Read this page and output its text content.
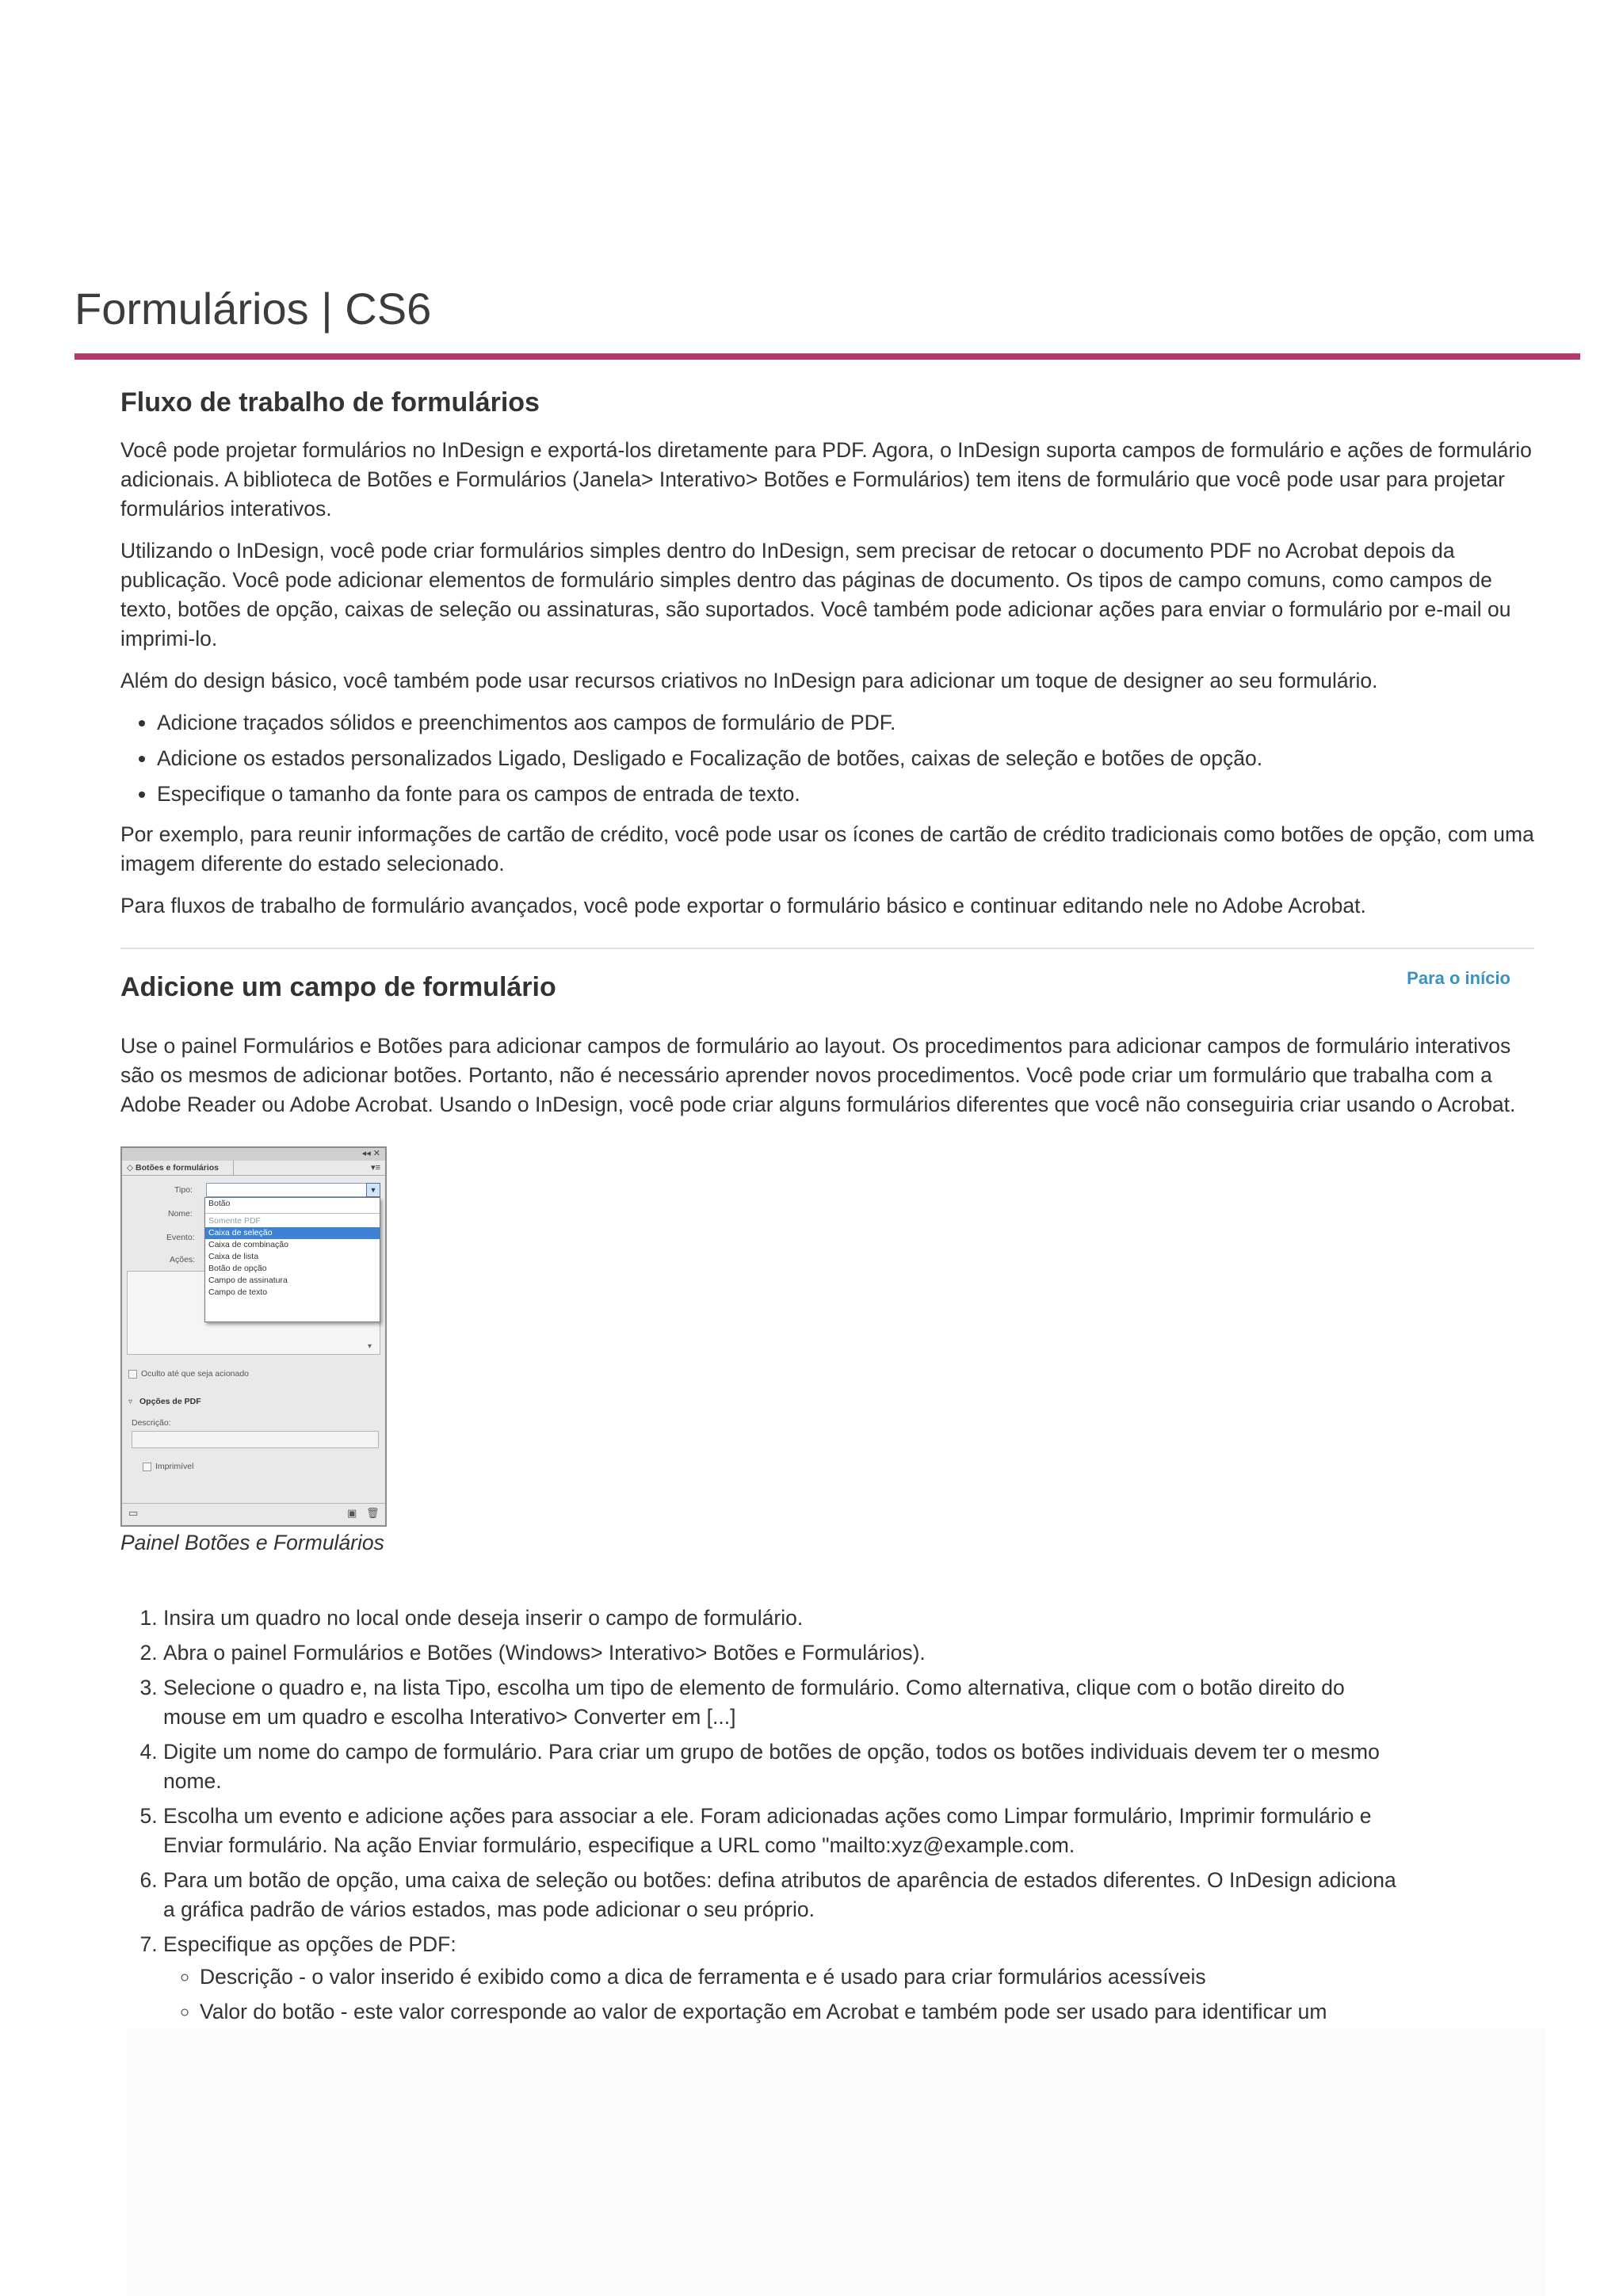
Formulários | CS6
Fluxo de trabalho de formulários

Você pode projetar formulários no InDesign e exportá-los diretamente para PDF. Agora, o InDesign suporta campos de formulário e ações de formulário adicionais. A biblioteca de Botões e Formulários (Janela> Interativo> Botões e Formulários) tem itens de formulário que você pode usar para projetar formulários interativos.

Utilizando o InDesign, você pode criar formulários simples dentro do InDesign, sem precisar de retocar o documento PDF no Acrobat depois da publicação. Você pode adicionar elementos de formulário simples dentro das páginas de documento. Os tipos de campo comuns, como campos de texto, botões de opção, caixas de seleção ou assinaturas, são suportados. Você também pode adicionar ações para enviar o formulário por e-mail ou imprimi-lo.

Além do design básico, você também pode usar recursos criativos no InDesign para adicionar um toque de designer ao seu formulário.

• Adicione traçados sólidos e preenchimentos aos campos de formulário de PDF.
• Adicione os estados personalizados Ligado, Desligado e Focalização de botões, caixas de seleção e botões de opção.
• Especifique o tamanho da fonte para os campos de entrada de texto.

Por exemplo, para reunir informações de cartão de crédito, você pode usar os ícones de cartão de crédito tradicionais como botões de opção, com uma imagem diferente do estado selecionado.

Para fluxos de trabalho de formulário avançados, você pode exportar o formulário básico e continuar editando nele no Adobe Acrobat.

Adicione um campo de formulário	Para o início

Use o painel Formulários e Botões para adicionar campos de formulário ao layout. Os procedimentos para adicionar campos de formulário interativos são os mesmos de adicionar botões. Portanto, não é necessário aprender novos procedimentos. Você pode criar um formulário que trabalha com a Adobe Reader ou Adobe Acrobat. Usando o InDesign, você pode criar alguns formulários diferentes que você não conseguiria criar usando o Acrobat.

◂◂ ✕
◇ Botões e formulários	▾≡
Tipo:	▼
Nome:
Evento:
Ações:
▾
Botão
Somente PDF
Caixa de seleção
Caixa de combinação
Caixa de lista
Botão de opção
Campo de assinatura
Campo de texto
Oculto até que seja acionado
▿ Opções de PDF
Descrição:
Imprimível
▭	▣ 🗑
Painel Botões e Formulários
1. Insira um quadro no local onde deseja inserir o campo de formulário.
2. Abra o painel Formulários e Botões (Windows> Interativo> Botões e Formulários).
3. Selecione o quadro e, na lista Tipo, escolha um tipo de elemento de formulário. Como alternativa, clique com o botão direito do mouse em um quadro e escolha Interativo> Converter em [...]
4. Digite um nome do campo de formulário. Para criar um grupo de botões de opção, todos os botões individuais devem ter o mesmo nome.
5. Escolha um evento e adicione ações para associar a ele. Foram adicionadas ações como Limpar formulário, Imprimir formulário e Enviar formulário. Na ação Enviar formulário, especifique a URL como "mailto:xyz@example.com.
6. Para um botão de opção, uma caixa de seleção ou botões: defina atributos de aparência de estados diferentes. O InDesign adiciona a gráfica padrão de vários estados, mas pode adicionar o seu próprio.
7. Especifique as opções de PDF:
◦ Descrição - o valor inserido é exibido como a dica de ferramenta e é usado para criar formulários acessíveis
◦ Valor do botão - este valor corresponde ao valor de exportação em Acrobat e também pode ser usado para identificar um
